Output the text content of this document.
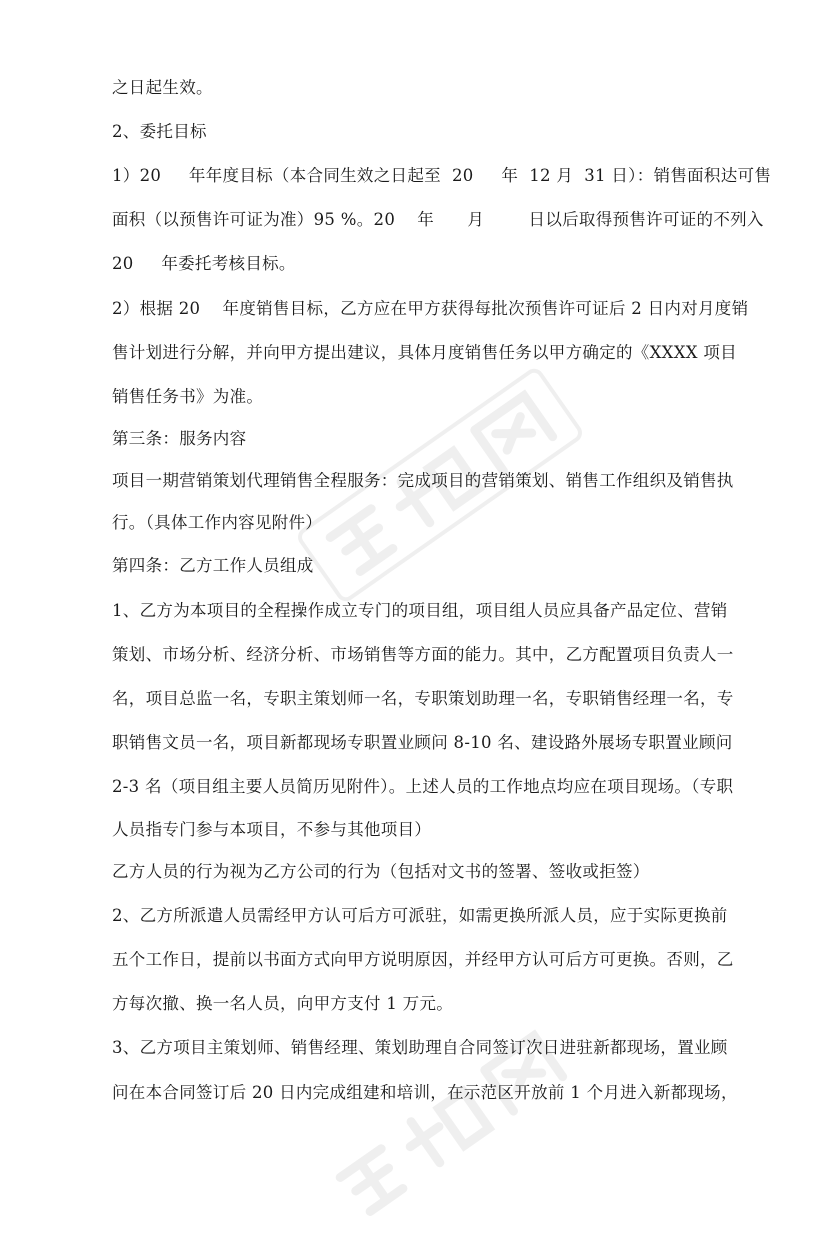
之日起生效。
2、委托目标
1）20     年年度目标（本合同生效之日起至  20     年  12 月  31 日）：销售面积达可售
面积（以预售许可证为准）95 %。20    年      月        日以后取得预售许可证的不列入
20     年委托考核目标。
2）根据 20    年度销售目标，乙方应在甲方获得每批次预售许可证后 2 日内对月度销
售计划进行分解，并向甲方提出建议，具体月度销售任务以甲方确定的《XXXX 项目
销售任务书》为准。
第三条：服务内容
项目一期营销策划代理销售全程服务：完成项目的营销策划、销售工作组织及销售执
行。（具体工作内容见附件）
第四条：乙方工作人员组成
1、乙方为本项目的全程操作成立专门的项目组，项目组人员应具备产品定位、营销
策划、市场分析、经济分析、市场销售等方面的能力。其中，乙方配置项目负责人一
名，项目总监一名，专职主策划师一名，专职策划助理一名，专职销售经理一名，专
职销售文员一名，项目新都现场专职置业顾问 8-10 名、建设路外展场专职置业顾问
2-3 名（项目组主要人员简历见附件）。上述人员的工作地点均应在项目现场。（专职
人员指专门参与本项目，不参与其他项目）
乙方人员的行为视为乙方公司的行为（包括对文书的签署、签收或拒签）
2、乙方所派遣人员需经甲方认可后方可派驻，如需更换所派人员，应于实际更换前
五个工作日，提前以书面方式向甲方说明原因，并经甲方认可后方可更换。否则，乙
方每次撤、换一名人员，向甲方支付 1 万元。
3、乙方项目主策划师、销售经理、策划助理自合同签订次日进驻新都现场，置业顾
问在本合同签订后 20 日内完成组建和培训，在示范区开放前 1 个月进入新都现场，
